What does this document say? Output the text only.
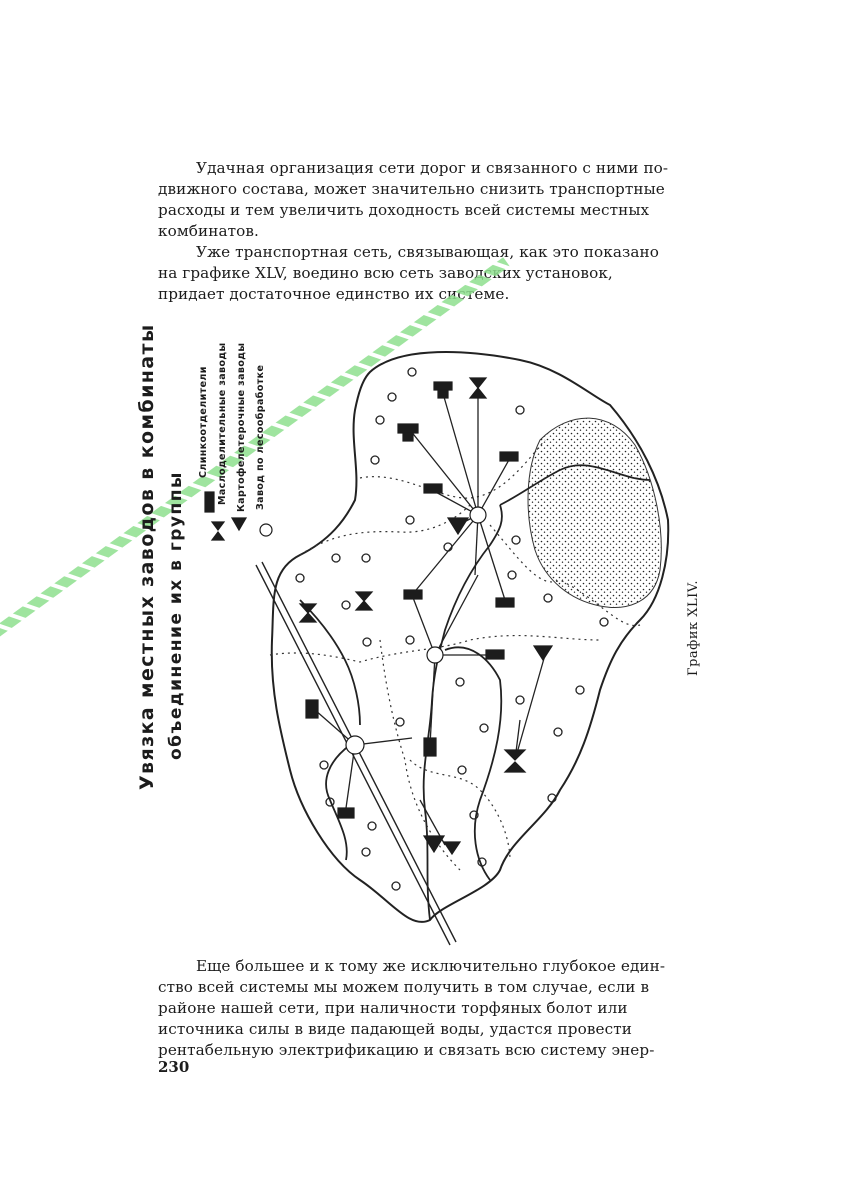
Удачная организация сети дорог и связанного с ними по-
движного состава, может значительно снизить транспортные
расходы и тем увеличить доходность всей системы местных
комбинатов.
Уже транспортная сеть, связывающая, как это показано
на графике XLV, воедино всю сеть заводских установок,
придает достаточное единство их системе.
Увязка местных заводов в комбинаты объединение их в группы
Слинкоотделители Маслоделительные заводы Картофелетерочные заводы Завод по лесообработке
График XLIV.
Еще большее и к тому же исключительно глубокое един-
ство всей системы мы можем получить в том случае, если в
районе нашей сети, при наличности торфяных болот или
источника силы в виде падающей воды, удастся провести
рентабельную электрификацию и связать всю систему энер-
230
